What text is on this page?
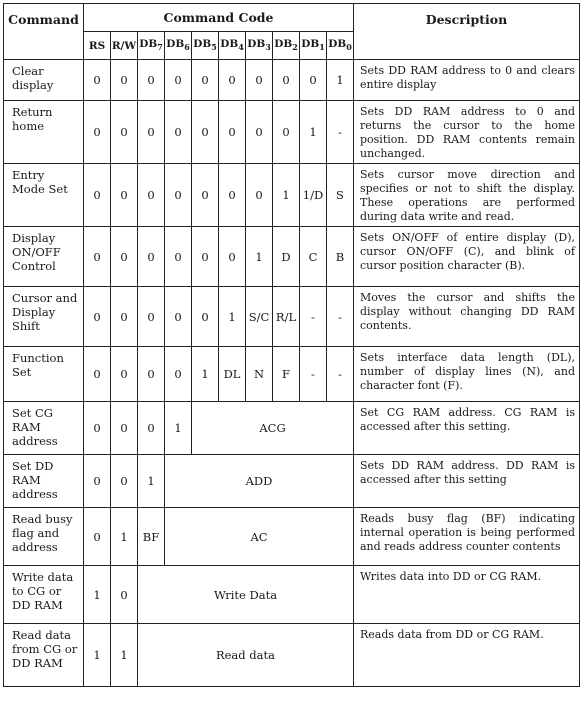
Command	Command Code										Description
	RS	R/W	$DB_7$	$DB_6$	$DB_5$	$DB_4$	$DB_3$	$DB_2$	$DB_1$	$DB_0$
Clear display	0	0	0	0	0	0	0	0	0	1	Sets DD RAM address to 0 and clears entire display
Return home	0	0	0	0	0	0	0	0	1	-	Sets DD RAM address to 0 and returns the cursor to the home position. DD RAM contents remain unchanged.
Entry Mode Set	0	0	0	0	0	0	0	1	1/D	S	Sets cursor move direction and specifies or not to shift the display. These operations are performed during data write and read.
Display ON/OFF Control	0	0	0	0	0	0	1	D	C	B	Sets ON/OFF of entire display (D), cursor ON/OFF (C), and blink of cursor position character (B).
Cursor and Display Shift	0	0	0	0	0	1	S/C	R/L	-	-	Moves the cursor and shifts the display without changing DD RAM contents.
Function Set	0	0	0	0	1	DL	N	F	-	-	Sets interface data length (DL), number of display lines (N), and character font (F).
Set CG RAM address	0	0	0	1	ACG						Set CG RAM address. CG RAM is accessed after this setting.
Set DD RAM address	0	0	1	ADD							Sets DD RAM address. DD RAM is accessed after this setting
Read busy flag and address	0	1	BF	AC							Reads busy flag (BF) indicating internal operation is being performed and reads address counter contents
Write data to CG or DD RAM	1	0	Write Data								Writes data into DD or CG RAM.
Read data from CG or DD RAM	1	1	Read data								Reads data from DD or CG RAM.
